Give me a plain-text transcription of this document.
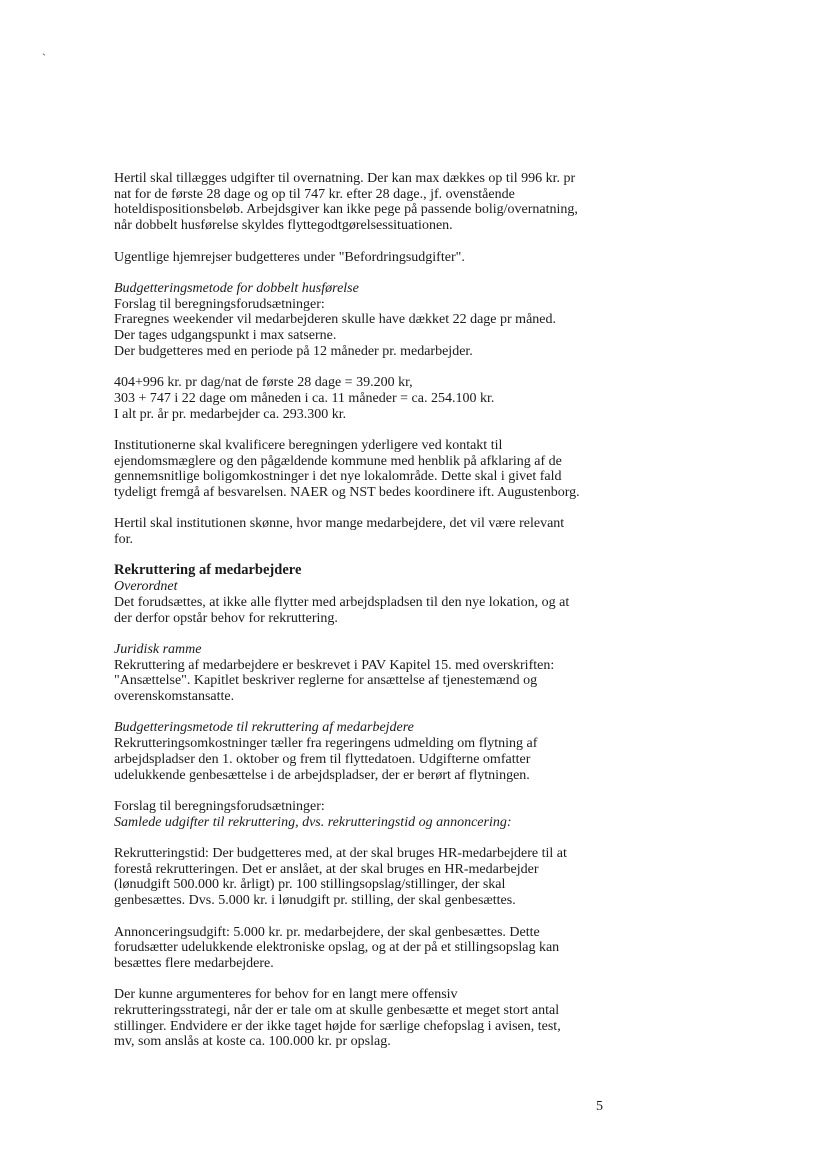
`
Hertil skal tillægges udgifter til overnatning. Der kan max dækkes op til 996 kr. pr
nat for de første 28 dage og op til 747 kr. efter 28 dage., jf. ovenstående
hoteldispositionsbeløb. Arbejdsgiver kan ikke pege på passende bolig/overnatning,
når dobbelt husførelse skyldes flyttegodtgørelsessituationen.
Ugentlige hjemrejser budgetteres under "Befordringsudgifter".
Budgetteringsmetode for dobbelt husførelse
Forslag til beregningsforudsætninger:
Fraregnes weekender vil medarbejderen skulle have dækket 22 dage pr måned.
Der tages udgangspunkt i max satserne.
Der budgetteres med en periode på 12 måneder pr. medarbejder.
404+996 kr. pr dag/nat de første 28 dage = 39.200 kr,
303 + 747 i 22 dage om måneden i ca. 11 måneder = ca. 254.100 kr.
I alt pr. år pr. medarbejder ca. 293.300 kr.
Institutionerne skal kvalificere beregningen yderligere ved kontakt til
ejendomsmæglere og den pågældende kommune med henblik på afklaring af de
gennemsnitlige boligomkostninger i det nye lokalområde. Dette skal i givet fald
tydeligt fremgå af besvarelsen. NAER og NST bedes koordinere ift. Augustenborg.
Hertil skal institutionen skønne, hvor mange medarbejdere, det vil være relevant
for.
Rekruttering af medarbejdere
Overordnet
Det forudsættes, at ikke alle flytter med arbejdspladsen til den nye lokation, og at
der derfor opstår behov for rekruttering.
Juridisk ramme
Rekruttering af medarbejdere er beskrevet i PAV Kapitel 15. med overskriften:
"Ansættelse". Kapitlet beskriver reglerne for ansættelse af tjenestemænd og
overenskomstansatte.
Budgetteringsmetode til rekruttering af medarbejdere
Rekrutteringsomkostninger tæller fra regeringens udmelding om flytning af
arbejdspladser den 1. oktober og frem til flyttedatoen. Udgifterne omfatter
udelukkende genbesættelse i de arbejdspladser, der er berørt af flytningen.
Forslag til beregningsforudsætninger:
Samlede udgifter til rekruttering, dvs. rekrutteringstid og annoncering:
Rekrutteringstid: Der budgetteres med, at der skal bruges HR-medarbejdere til at
forestå rekrutteringen. Det er anslået, at der skal bruges en HR-medarbejder
(lønudgift 500.000 kr. årligt) pr. 100 stillingsopslag/stillinger, der skal
genbesættes. Dvs. 5.000 kr. i lønudgift pr. stilling, der skal genbesættes.
Annonceringsudgift: 5.000 kr. pr. medarbejdere, der skal genbesættes. Dette
forudsætter udelukkende elektroniske opslag, og at der på et stillingsopslag kan
besættes flere medarbejdere.
Der kunne argumenteres for behov for en langt mere offensiv
rekrutteringsstrategi, når der er tale om at skulle genbesætte et meget stort antal
stillinger. Endvidere er der ikke taget højde for særlige chefopslag i avisen, test,
mv, som anslås at koste ca. 100.000 kr. pr opslag.
5
